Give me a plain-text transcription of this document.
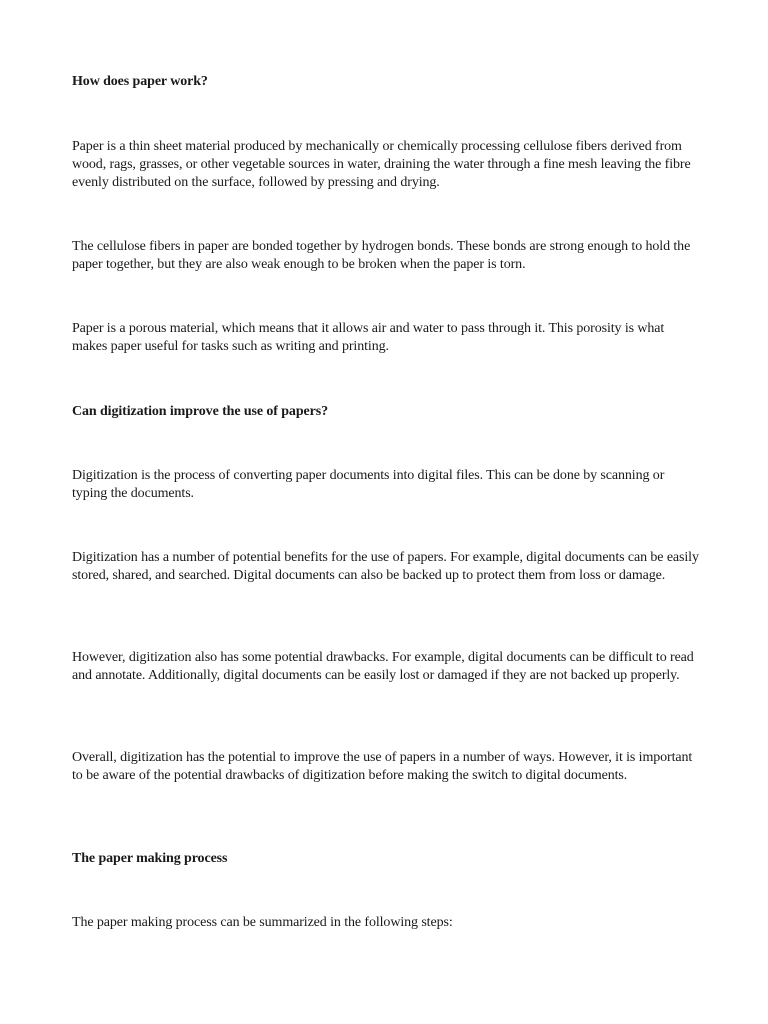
How does paper work?

Paper is a thin sheet material produced by mechanically or chemically processing cellulose fibers derived from wood, rags, grasses, or other vegetable sources in water, draining the water through a fine mesh leaving the fibre evenly distributed on the surface, followed by pressing and drying.

The cellulose fibers in paper are bonded together by hydrogen bonds. These bonds are strong enough to hold the paper together, but they are also weak enough to be broken when the paper is torn.

Paper is a porous material, which means that it allows air and water to pass through it. This porosity is what makes paper useful for tasks such as writing and printing.

Can digitization improve the use of papers?

Digitization is the process of converting paper documents into digital files. This can be done by scanning or typing the documents.

Digitization has a number of potential benefits for the use of papers. For example, digital documents can be easily stored, shared, and searched. Digital documents can also be backed up to protect them from loss or damage.

However, digitization also has some potential drawbacks. For example, digital documents can be difficult to read and annotate. Additionally, digital documents can be easily lost or damaged if they are not backed up properly.

Overall, digitization has the potential to improve the use of papers in a number of ways. However, it is important to be aware of the potential drawbacks of digitization before making the switch to digital documents.

The paper making process

The paper making process can be summarized in the following steps:
